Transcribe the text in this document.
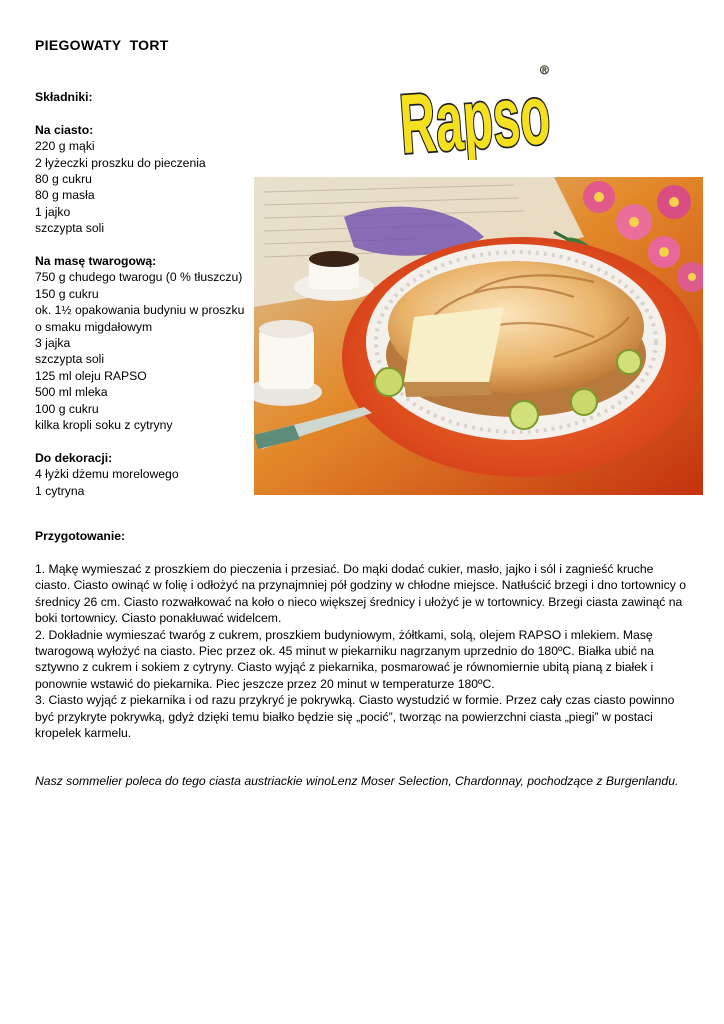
PIEGOWATY  TORT
Składniki:
Na ciasto:
220 g mąki
2 łyżeczki proszku do pieczenia
80 g cukru
80 g masła
1 jajko
szczypta soli
Na masę twarogową:
750 g chudego twarogu (0 % tłuszczu)
150 g cukru
ok. 1½ opakowania budyniu w proszku
o smaku migdałowym
3 jajka
szczypta soli
125 ml oleju RAPSO
500 ml mleka
100 g cukru
kilka kropli soku z cytryny
Do dekoracji:
4 łyżki dżemu morelowego
1 cytryna
Rapso
®
Przygotowanie:

1. Mąkę wymieszać z proszkiem do pieczenia i przesiać. Do mąki dodać cukier, masło, jajko i sól i zagnieść kruche ciasto. Ciasto owinąć w folię i odłożyć na przynajmniej pół godziny w chłodne miejsce. Natłuścić brzegi i dno tortownicy o średnicy 26 cm. Ciasto rozwałkować na koło o nieco większej średnicy i ułożyć je w tortownicy. Brzegi ciasta zawinąć na boki tortownicy. Ciasto ponakłuwać widelcem.

2. Dokładnie wymieszać twaróg z cukrem, proszkiem budyniowym, żółtkami, solą, olejem RAPSO i mlekiem. Masę twarogową wyłożyć na ciasto. Piec przez ok. 45 minut w piekarniku nagrzanym uprzednio do 180ºC. Białka ubić na sztywno z cukrem i sokiem z cytryny. Ciasto wyjąć z piekarnika, posmarować je równomiernie ubitą pianą z białek i ponownie wstawić do piekarnika. Piec jeszcze przez 20 minut w temperaturze 180ºC.

3. Ciasto wyjąć z piekarnika i od razu przykryć je pokrywką. Ciasto wystudzić w formie. Przez cały czas ciasto powinno być przykryte pokrywką, gdyż dzięki temu białko będzie się „pocić”, tworząc na powierzchni ciasta „piegi” w postaci kropelek karmelu.

Nasz sommelier poleca do tego ciasta austriackie winoLenz Moser Selection, Chardonnay, pochodzące z Burgenlandu.
